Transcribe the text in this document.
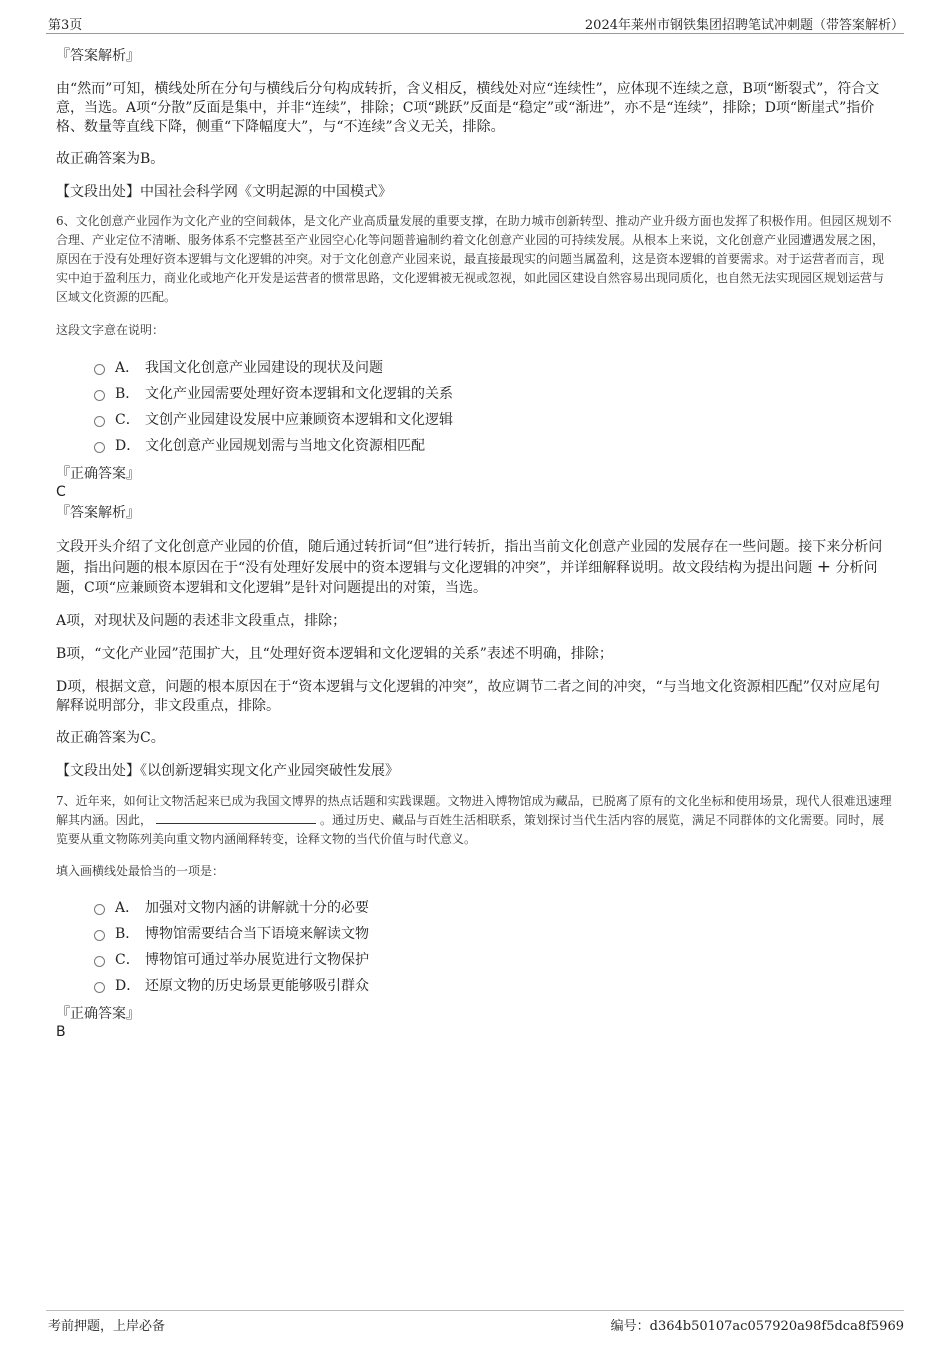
第3页	2024年莱州市钢铁集团招聘笔试冲刺题（带答案解析）
『答案解析』
由“然而”可知，横线处所在分句与横线后分句构成转折，含义相反，横线处对应“连续性”，应体现不连续之意，B项“断裂式”，符合文意，当选。A项“分散”反面是集中，并非“连续”，排除；C项“跳跃”反面是“稳定”或“渐进”，亦不是“连续”，排除；D项“断崖式”指价格、数量等直线下降，侧重“下降幅度大”，与“不连续”含义无关，排除。
故正确答案为B。
【文段出处】中国社会科学网《文明起源的中国模式》
6、文化创意产业园作为文化产业的空间载体，是文化产业高质量发展的重要支撑，在助力城市创新转型、推动产业升级方面也发挥了积极作用。但园区规划不合理、产业定位不清晰、服务体系不完整甚至产业园空心化等问题普遍制约着文化创意产业园的可持续发展。从根本上来说，文化创意产业园遭遇发展之困，原因在于没有处理好资本逻辑与文化逻辑的冲突。对于文化创意产业园来说，最直接最现实的问题当属盈利，这是资本逻辑的首要需求。对于运营者而言，现实中迫于盈利压力，商业化或地产化开发是运营者的惯常思路，文化逻辑被无视或忽视，如此园区建设自然容易出现同质化，也自然无法实现园区规划运营与区域文化资源的匹配。
这段文字意在说明：
A． 我国文化创意产业园建设的现状及问题
B． 文化产业园需要处理好资本逻辑和文化逻辑的关系
C． 文创产业园建设发展中应兼顾资本逻辑和文化逻辑
D． 文化创意产业园规划需与当地文化资源相匹配
『正确答案』
C
『答案解析』
文段开头介绍了文化创意产业园的价值，随后通过转折词“但”进行转折，指出当前文化创意产业园的发展存在一些问题。接下来分析问题，指出问题的根本原因在于“没有处理好发展中的资本逻辑与文化逻辑的冲突”，并详细解释说明。故文段结构为提出问题 + 分析问题，C项“应兼顾资本逻辑和文化逻辑”是针对问题提出的对策，当选。
A项，对现状及问题的表述非文段重点，排除；
B项，“文化产业园”范围扩大，且“处理好资本逻辑和文化逻辑的关系”表述不明确，排除；
D项，根据文意，问题的根本原因在于“资本逻辑与文化逻辑的冲突”，故应调节二者之间的冲突，“与当地文化资源相匹配”仅对应尾句解释说明部分，非文段重点，排除。
故正确答案为C。
【文段出处】《以创新逻辑实现文化产业园突破性发展》
7、近年来，如何让文物活起来已成为我国文博界的热点话题和实践课题。文物进入博物馆成为藏品，已脱离了原有的文化坐标和使用场景，现代人很难迅速理解其内涵。因此，	。通过历史、藏品与百姓生活相联系，策划探讨当代生活内容的展览，满足不同群体的文化需要。同时，展览要从重文物陈列美向重文物内涵阐释转变，诠释文物的当代价值与时代意义。
填入画横线处最恰当的一项是：
A． 加强对文物内涵的讲解就十分的必要
B． 博物馆需要结合当下语境来解读文物
C． 博物馆可通过举办展览进行文物保护
D． 还原文物的历史场景更能够吸引群众
『正确答案』
B
考前押题，上岸必备	编号：d364b50107ac057920a98f5dca8f5969
